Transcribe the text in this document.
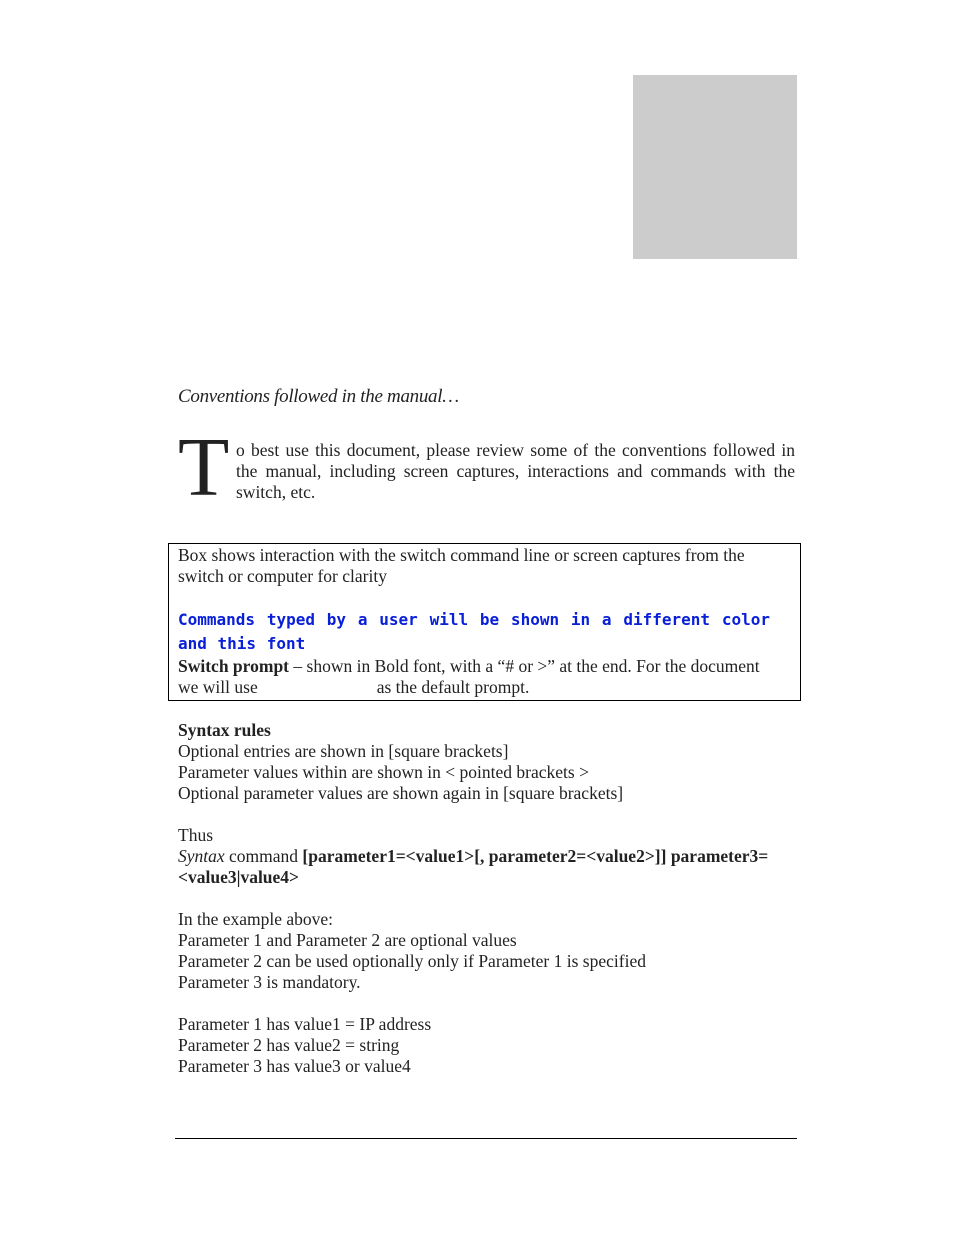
Conventions followed in the manual…
T o best use this document, please review some of the conventions followed in the manual, including screen captures, interactions and commands with the switch, etc.
Box shows interaction with the switch command line or screen captures from the switch or computer for clarity
Commands typed by a user will be shown in a different color and this font
Switch prompt – shown in Bold font, with a “# or >” at the end. For the document we will use	as the default prompt.

Syntax rules

Optional entries are shown in [square brackets]

Parameter values within are shown in < pointed brackets >

Optional parameter values are shown again in [square brackets]

Thus

Syntax command [parameter1=<value1>[, parameter2=<value2>]] parameter3=<value3|value4>

In the example above:

Parameter 1 and Parameter 2 are optional values

Parameter 2 can be used optionally only if Parameter 1 is specified

Parameter 3 is mandatory.

Parameter 1 has value1 = IP address

Parameter 2 has value2 = string

Parameter 3 has value3 or value4
